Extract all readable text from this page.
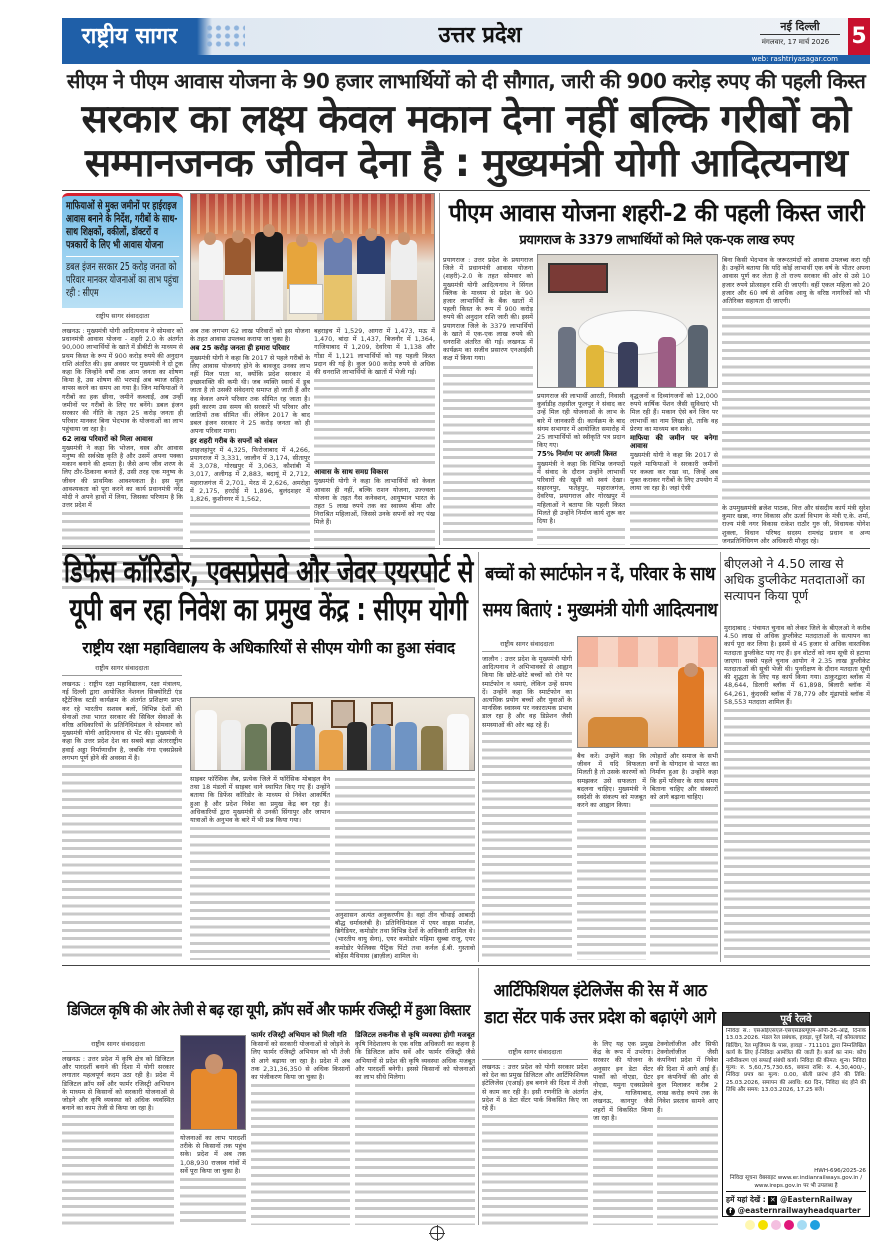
राष्ट्रीय सागर	उत्तर प्रदेश	नई दिल्ली
मंगलवार, 17 मार्च 2026	5
web: rashtriyasagar.com
सीएम ने पीएम आवास योजना के 90 हजार लाभार्थियों को दी सौगात, जारी की 900 करोड़ रुपए की पहली किस्त
सरकार का लक्ष्य केवल मकान देना नहीं बल्कि गरीबों को सम्मानजनक जीवन देना है : मुख्यमंत्री योगी आदित्यनाथ
माफियाओं से मुक्त जमीनों पर हाईराइज आवास बनाने के निर्देश, गरीबों के साथ-साथ शिक्षकों, वकीलों, डॉक्टरों व पत्रकारों के लिए भी आवास योजना
डबल इंजन सरकार 25 करोड़ जनता को परिवार मानकर योजनाओं का लाभ पहुंचा रही : सीएम
राष्ट्रीय सागर संवाददाता
लखनऊ : मुख्यमंत्री योगी आदित्यनाथ ने सोमवार को प्रधानमंत्री आवास योजना - शहरी 2.0 के अंतर्गत 90,000 लाभार्थियों के खाते में डीबीटी के माध्यम से प्रथम किस्त के रूप में 900 करोड़ रुपये की अनुदान राशि अंतरित की। इस अवसर पर मुख्यमंत्री ने दो टूक कहा कि जिन्होंने वर्षों तक आम जनता का शोषण किया है, उस शोषण की भरपाई अब ब्याज सहित वापस करने का समय आ गया है। जिन माफियाओं ने गरीबों का हक छीना, जमीनें कब्जाईं, अब उन्हीं जमीनों पर गरीबों के लिए घर बनेंगे। डबल इंजन सरकार की नीति के तहत 25 करोड़ जनता ही परिवार मानकर बिना भेदभाव के योजनाओं का लाभ पहुंचाया जा रहा है।
62 लाख परिवारों को मिला आवास
मुख्यमंत्री ने कहा कि भोजन, वस्त्र और आवास मनुष्य की सर्वश्रेष्ठ कृति है और उसमें अपना पक्का मकान बनाने की क्षमता है। जैसे अन्य जीव शरण के लिए ठौर-ठिकाना बनाते हैं, उसी तरह एक मनुष्य के जीवन की प्राथमिक आवश्यकता है। इस मूल आवश्यकता को पूरा करने का कार्य प्रधानमंत्री नरेंद्र मोदी ने अपने हाथों में लिया, जिसका परिणाम है कि उत्तर प्रदेश में
अब तक लगभग 62 लाख परिवारों को इस योजना के तहत आवास उपलब्ध कराया जा चुका है।
अब 25 करोड़ जनता ही हमारा परिवार
मुख्यमंत्री योगी ने कहा कि 2017 से पहले गरीबों के लिए आवास योजनाएं होने के बावजूद उनका लाभ नहीं मिल पाता था, क्योंकि प्रदेश सरकार में इच्छाशक्ति की कमी थी। जब व्यक्ति स्वार्थ में डूब जाता है तो उसकी संवेदनाएं समाप्त हो जाती हैं और वह केवल अपने परिवार तक सीमित रह जाता है। इसी कारण उस समय की सरकारें भी परिवार और जातियों तक सीमित थीं। लेकिन 2017 के बाद डबल इंजन सरकार ने 25 करोड़ जनता को ही अपना परिवार माना।
हर शहरी गरीब के सपनों को संबल
शाहजहांपुर में 4,325, फिरोजाबाद में 4,266, प्रयागराज में 3,331, जालौन में 3,174, सीतापुर में 3,078, गोरखपुर में 3,063, कौशांबी में 3,017, अलीगढ़ में 2,883, बदायूं में 2,712, महाराजगंज में 2,701, मेरठ में 2,626, अमरोहा में 2,175, हरदोई में 1,896, बुलंदशहर में 1,826, कुशीनगर में 1,562,
बहराइच में 1,529, आगरा में 1,473, मऊ में 1,470, बांदा में 1,437, बिजनौर में 1,364, गाजियाबाद में 1,209, देवरिया में 1,138 और गोंडा में 1,121 लाभार्थियों को यह पहली किस्त प्रदान की गई है। कुल 900 करोड़ रुपये से अधिक की धनराशि लाभार्थियों के खातों में भेजी गई।
आवास के साथ समग्र विकास
मुख्यमंत्री योगी ने कहा कि लाभार्थियों को केवल आवास ही नहीं, बल्कि राशन योजना, उज्ज्वला योजना के तहत गैस कनेक्शन, आयुष्मान भारत के तहत 5 लाख रुपये तक का स्वास्थ्य बीमा और निराश्रित महिलाओं, जिससे उनके सपनों को नए पंख मिले हैं।
पीएम आवास योजना शहरी-2 की पहली किस्त जारी
प्रयागराज के 3379 लाभार्थियों को मिले एक-एक लाख रुपए
प्रयागराज : उत्तर प्रदेश के प्रयागराज जिले में प्रधानमंत्री आवास योजना (शहरी)-2.0 के तहत सोमवार को मुख्यमंत्री योगी आदित्यनाथ ने सिंगल क्लिक के माध्यम से प्रदेश के 90 हजार लाभार्थियों के बैंक खातों में पहली किस्त के रूप में 900 करोड़ रुपये की अनुदान राशि जारी की। इसमें प्रयागराज जिले के 3379 लाभार्थियों के खाते में एक-एक लाख रुपये की धनराशि अंतरित की गई। लखनऊ में कार्यक्रम का सजीव प्रसारण एनआईसी कक्ष में किया गया।
प्रयागराज की लाभार्थी आरती, निवासी कुर्वाडीह तहसील फूलपुर ने संवाद कर उन्हें मिल रही योजनाओं के लाभ के बारे में जानकारी दी। कार्यक्रम के बाद संगम सभागार में आयोजित समारोह में 25 लाभार्थियों को स्वीकृति पत्र प्रदान किए गए।
75% निर्माण पर अगली किस्त
मुख्यमंत्री ने कहा कि विभिन्न जनपदों में संवाद के दौरान उन्होंने लाभार्थी परिवारों की खुशी को स्वयं देखा। सहारनपुर, फतेहपुर, महाराजगंज, देवरिया, प्रयागराज और गोरखपुर में महिलाओं ने बताया कि पहली किस्त मिलते ही उन्होंने निर्माण कार्य शुरू कर दिया है।
वृद्धजनों व दिव्यांगजनों को 12,000 रुपये वार्षिक पेंशन जैसी सुविधाएं भी मिल रही हैं। मकान ऐसे बनें जिन पर लाभार्थी का नाम लिखा हो, ताकि वह प्रेरणा का माध्यम बन सके।
माफिया की जमीन पर बनेगा आवास
मुख्यमंत्री योगी ने कहा कि 2017 से पहले माफियाओं ने सरकारी जमीनों पर कब्जा कर रखा था, जिन्हें अब मुक्त कराकर गरीबों के लिए उपयोग में लाया जा रहा है। जहां ऐसी
बिना किसी भेदभाव के जरूरतमंदों को आवास उपलब्ध करा रही है। उन्होंने बताया कि यदि कोई लाभार्थी एक वर्ष के भीतर अपना आवास पूर्ण कर लेता है तो राज्य सरकार की ओर से उसे 10 हजार रुपये प्रोत्साहन राशि दी जाएगी। वहीं एकल महिला को 20 हजार और 60 वर्ष से अधिक आयु के वरिष्ठ नागरिकों को भी अतिरिक्त सहायता दी जाएगी।
के उपमुख्यमंत्री ब्रजेश पाठक, वित्त और संसदीय कार्य मंत्री सुरेश कुमार खन्ना, नगर विकास और ऊर्जा विभाग के मंत्री ए.के. शर्मा, राज्य मंत्री नगर विकास राकेश राठौर गुरु जी, विधायक योगेश शुक्ला, विधान परिषद सदस्य रामचंद्र प्रधान व अन्य जनप्रतिनिधिगण और अधिकारी मौजूद रहे।
डिफेंस कॉरिडोर, एक्सप्रेसवे और जेवर एयरपोर्ट से यूपी बन रहा निवेश का प्रमुख केंद्र : सीएम योगी
राष्ट्रीय रक्षा महाविद्यालय के अधिकारियों से सीएम योगी का हुआ संवाद
राष्ट्रीय सागर संवाददाता
लखनऊ : राष्ट्रीय रक्षा महाविद्यालय, रक्षा मंत्रालय, नई दिल्ली द्वारा आयोजित नेशनल सिक्योरिटी एंड स्ट्रैटेजिक स्टडी कार्यक्रम के अंतर्गत प्रशिक्षण प्राप्त कर रहे भारतीय सशस्त्र बलों, विभिन्न देशों की सेनाओं तथा भारत सरकार की सिविल सेवाओं के वरिष्ठ अधिकारियों के प्रतिनिधिमंडल ने सोमवार को मुख्यमंत्री योगी आदित्यनाथ से भेंट की। मुख्यमंत्री ने कहा कि उत्तर प्रदेश देश का सबसे बड़ा अंतरराष्ट्रीय हवाई अड्डा निर्माणाधीन है, जबकि गंगा एक्सप्रेसवे लगभग पूर्ण होने की अवस्था में है।
साइबर फॉरेंसिक लैब, प्रत्येक जिले में फॉरेंसिक मोबाइल वैन तथा 18 मंडलों में साइबर थाने स्थापित किए गए हैं। उन्होंने बताया कि डिफेंस कॉरिडोर के माध्यम से निवेश आकर्षित हुआ है और प्रदेश निवेश का प्रमुख केंद्र बन रहा है। अधिकारियों द्वारा मुख्यमंत्री से उनकी सिंगापुर और जापान यात्राओं के अनुभव के बारे में भी प्रश्न किया गया।
अनुशासन अत्यंत अनुकरणीय है। वहां तीन चौथाई आबादी बौद्ध धर्मावलंबी है। प्रतिनिधिमंडल में एयर वाइस मार्शल, ब्रिगेडियर, कमोडोर तथा विभिन्न देशों के अधिकारी शामिल थे। (भारतीय वायु सेना), एयर कमोडोर महिमा सुब्बा राजू, एयर कमोडोर फेलिक्स पैट्रिक पिंटो तथा कर्नल ई.बी. गुस्तावो बोर्हेस मैथियास (ब्राज़ील) शामिल थे।
बच्चों को स्मार्टफोन न दें, परिवार के साथ समय बिताएं : मुख्यमंत्री योगी आदित्यनाथ
राष्ट्रीय सागर संवाददाता
जालौन : उत्तर प्रदेश के मुख्यमंत्री योगी आदित्यनाथ ने अभिभावकों से आह्वान किया कि छोटे-छोटे बच्चों को रोने पर स्मार्टफोन न थमाएं, लेकिन उन्हें समय दें। उन्होंने कहा कि स्मार्टफोन का अत्यधिक प्रयोग बच्चों और युवाओं के मानसिक स्वास्थ्य पर नकारात्मक प्रभाव डाल रहा है और वह डिप्रेशन जैसी समस्याओं की ओर बढ़ रहे हैं।
बैच करें। उन्होंने कहा कि जीवन में यदि विफलता मिलती है तो उसके कारणों को समझकर उसे सफलता में बदलना चाहिए। मुख्यमंत्री ने स्वदेशी के संकल्प को मजबूत करने का आह्वान किया।
त्योहारों और समाज के सभी वर्गों के योगदान से भारत का निर्माण हुआ है। उन्होंने कहा कि हमें परिवार के साथ समय बिताना चाहिए और संस्कारों को आगे बढ़ाना चाहिए।
बीएलओ ने 4.50 लाख से अधिक डुप्लीकेट मतदाताओं का सत्यापन किया पूर्ण
मुरादाबाद : पंचायत चुनाव को लेकर जिले के बीएलओ ने करीब 4.50 लाख से अधिक डुप्लीकेट मतदाताओं के सत्यापन का कार्य पूरा कर लिया है। इसमें से 45 हजार से अधिक वास्तविक मतदाता डुप्लीकेट पाए गए हैं। इन वोटरों को नाम सूची से हटाया जाएगा। सबसे पहले चुनाव आयोग ने 2.35 लाख डुप्लीकेट मतदाताओं की सूची भेजी थी। पुनरीक्षण के दौरान मतदाता सूची की शुद्धता के लिए यह कार्य किया गया। ठाकुरद्वारा ब्लॉक में 48,644, डिलारी ब्लॉक में 61,898, बिलारी ब्लॉक में 64,261, कुंदरकी ब्लॉक में 78,779 और मूंढापांडे ब्लॉक में 58,553 मतदाता शामिल हैं।
डिजिटल कृषि की ओर तेजी से बढ़ रहा यूपी, क्रॉप सर्वे और फार्मर रजिस्ट्री में हुआ विस्तार
राष्ट्रीय सागर संवाददाता
लखनऊ : उत्तर प्रदेश में कृषि क्षेत्र को डिजिटल और पारदर्शी बनाने की दिशा में योगी सरकार लगातार महत्वपूर्ण कदम उठा रही है। प्रदेश में डिजिटल क्रॉप सर्वे और फार्मर रजिस्ट्री अभियान के माध्यम से किसानों को सरकारी योजनाओं से जोड़ने और कृषि व्यवस्था को अधिक व्यवस्थित बनाने का काम तेजी से किया जा रहा है।
योजनाओं का लाभ पारदर्शी तरीके से किसानों तक पहुंच सके। प्रदेश में अब तक 1,08,930 राजस्व गांवों में सर्वे पूरा किया जा चुका है।
फार्मर रजिस्ट्री अभियान को मिली गति
किसानों को सरकारी योजनाओं से जोड़ने के लिए फार्मर रजिस्ट्री अभियान को भी तेजी से आगे बढ़ाया जा रहा है। प्रदेश में अब तक 2,31,36,350 से अधिक किसानों का पंजीकरण किया जा चुका है।
डिजिटल तकनीक से कृषि व्यवस्था होगी मजबूत
कृषि निदेशालय के एक वरिष्ठ अधिकारी का कहना है कि डिजिटल क्रॉप सर्वे और फार्मर रजिस्ट्री जैसे अभियानों से प्रदेश की कृषि व्यवस्था अधिक मजबूत और पारदर्शी बनेगी। इससे किसानों को योजनाओं का लाभ सीधे मिलेगा।
आर्टिफिशियल इंटेलिजेंस की रेस में आठ डाटा सेंटर पार्क उत्तर प्रदेश को बढ़ाएंगे आगे
राष्ट्रीय सागर संवाददाता
लखनऊ : उत्तर प्रदेश को योगी सरकार प्रदेश को देश का प्रमुख डिजिटल और आर्टिफिशियल इंटेलिजेंस (एआई) हब बनाने की दिशा में तेजी से काम कर रही है। इसी रणनीति के अंतर्गत प्रदेश में 8 डेटा सेंटर पार्क विकसित किए जा रहे हैं।
के लिए यह एक प्रमुख केंद्र के रूप में उभरेगा। सरकार की योजना के अनुसार इन डेटा सेंटर पार्कों को नोएडा, ग्रेटर नोएडा, यमुना एक्सप्रेसवे क्षेत्र, गाजियाबाद, लखनऊ, कानपुर जैसे शहरों में विकसित किया जा रहा है।
टेक्नोलॉजीज और सिफी टेक्नोलॉजीज जैसी कंपनियां प्रदेश में निवेश की दिशा में आगे आई हैं। इन कंपनियों की ओर से कुल मिलाकर करीब 2 लाख करोड़ रुपये तक के निवेश प्रस्ताव सामने आए हैं।
पूर्व रेलवे
निविदा सं.: एसओईएसएल-एसएसडब्ल्यूएम-ओपी-26-आर्द्र, दिनांक 13.03.2026. मंडल रेल प्रबंधक, हावड़ा, पूर्व रेलवे, नई कोयलाघाट बिल्डिंग, रेल म्यूजियम के पास, हावड़ा - 711101 द्वारा निम्नलिखित कार्य के लिए ई-निविदा आमंत्रित की जाती है। कार्य का नाम: कोच नवीनीकरण एवं सफाई संबंधी कार्य। निविदा की कीमत: शून्य। निविदा मूल्य: रु. 5,60,75,730.65, बयाना राशि: रु. 4,30,400/-, निविदा प्रपत्र का मूल्य: 0.00, बोली प्रारंभ होने की तिथि: 25.03.2026, समापन की अवधि: 60 दिन, निविदा बंद होने की तिथि और समय: 13.03.2026, 17.25 बजे।
HWH-696/2025-26
निविदा सूचना वेबसाइट www.er.indianrailways.gov.in / www.ireps.gov.in पर भी उपलब्ध है
हमें यहां देखें : ✕ @EasternRailway
f @easternrailwayheadquarter
